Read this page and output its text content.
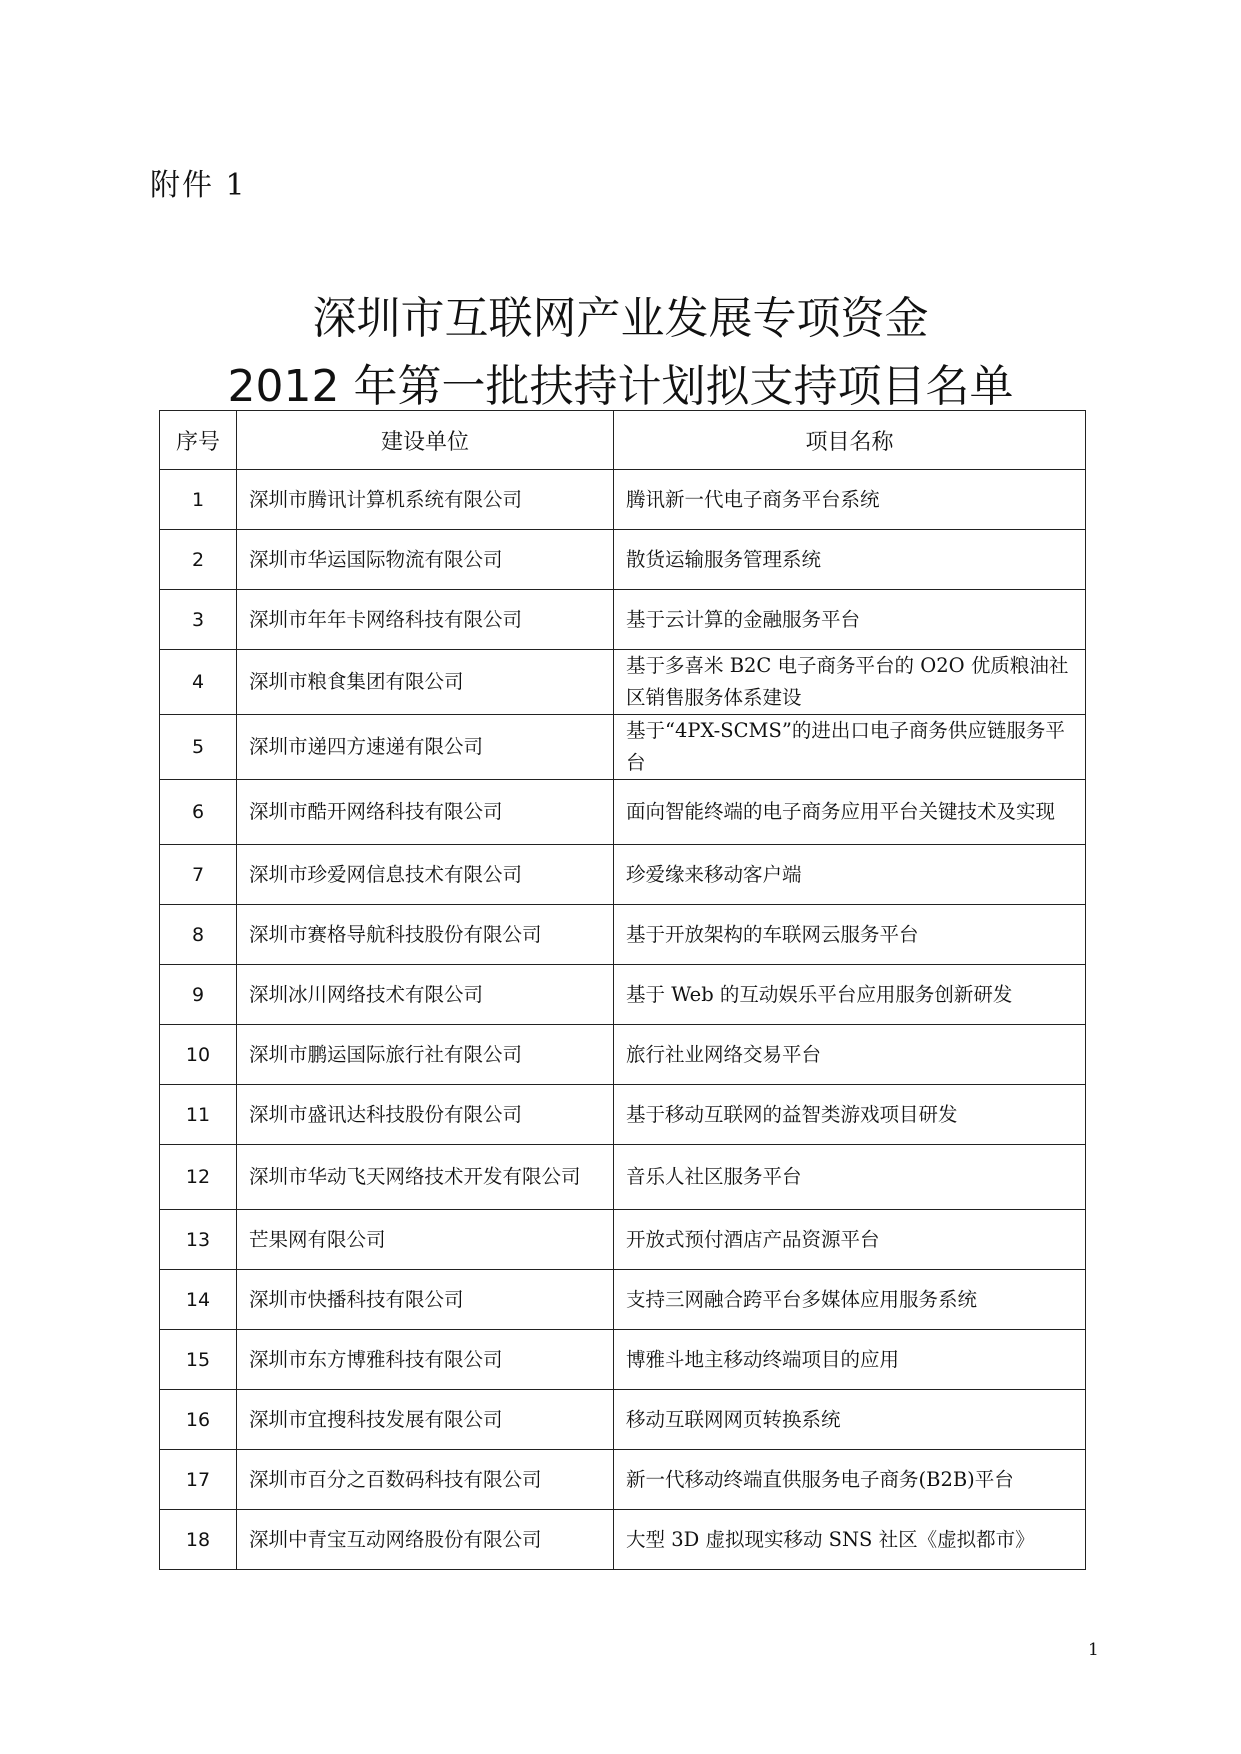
附件 1
深圳市互联网产业发展专项资金
2012 年第一批扶持计划拟支持项目名单
序号	建设单位	项目名称
1	深圳市腾讯计算机系统有限公司	腾讯新一代电子商务平台系统
2	深圳市华运国际物流有限公司	散货运输服务管理系统
3	深圳市年年卡网络科技有限公司	基于云计算的金融服务平台
4	深圳市粮食集团有限公司	基于多喜米 B2C 电子商务平台的 O2O 优质粮油社区销售服务体系建设
5	深圳市递四方速递有限公司	基于“4PX-SCMS”的进出口电子商务供应链服务平台
6	深圳市酷开网络科技有限公司	面向智能终端的电子商务应用平台关键技术及实现
7	深圳市珍爱网信息技术有限公司	珍爱缘来移动客户端
8	深圳市赛格导航科技股份有限公司	基于开放架构的车联网云服务平台
9	深圳冰川网络技术有限公司	基于 Web 的互动娱乐平台应用服务创新研发
10	深圳市鹏运国际旅行社有限公司	旅行社业网络交易平台
11	深圳市盛讯达科技股份有限公司	基于移动互联网的益智类游戏项目研发
12	深圳市华动飞天网络技术开发有限公司	音乐人社区服务平台
13	芒果网有限公司	开放式预付酒店产品资源平台
14	深圳市快播科技有限公司	支持三网融合跨平台多媒体应用服务系统
15	深圳市东方博雅科技有限公司	博雅斗地主移动终端项目的应用
16	深圳市宜搜科技发展有限公司	移动互联网网页转换系统
17	深圳市百分之百数码科技有限公司	新一代移动终端直供服务电子商务(B2B)平台
18	深圳中青宝互动网络股份有限公司	大型 3D 虚拟现实移动 SNS 社区《虚拟都市》
1
